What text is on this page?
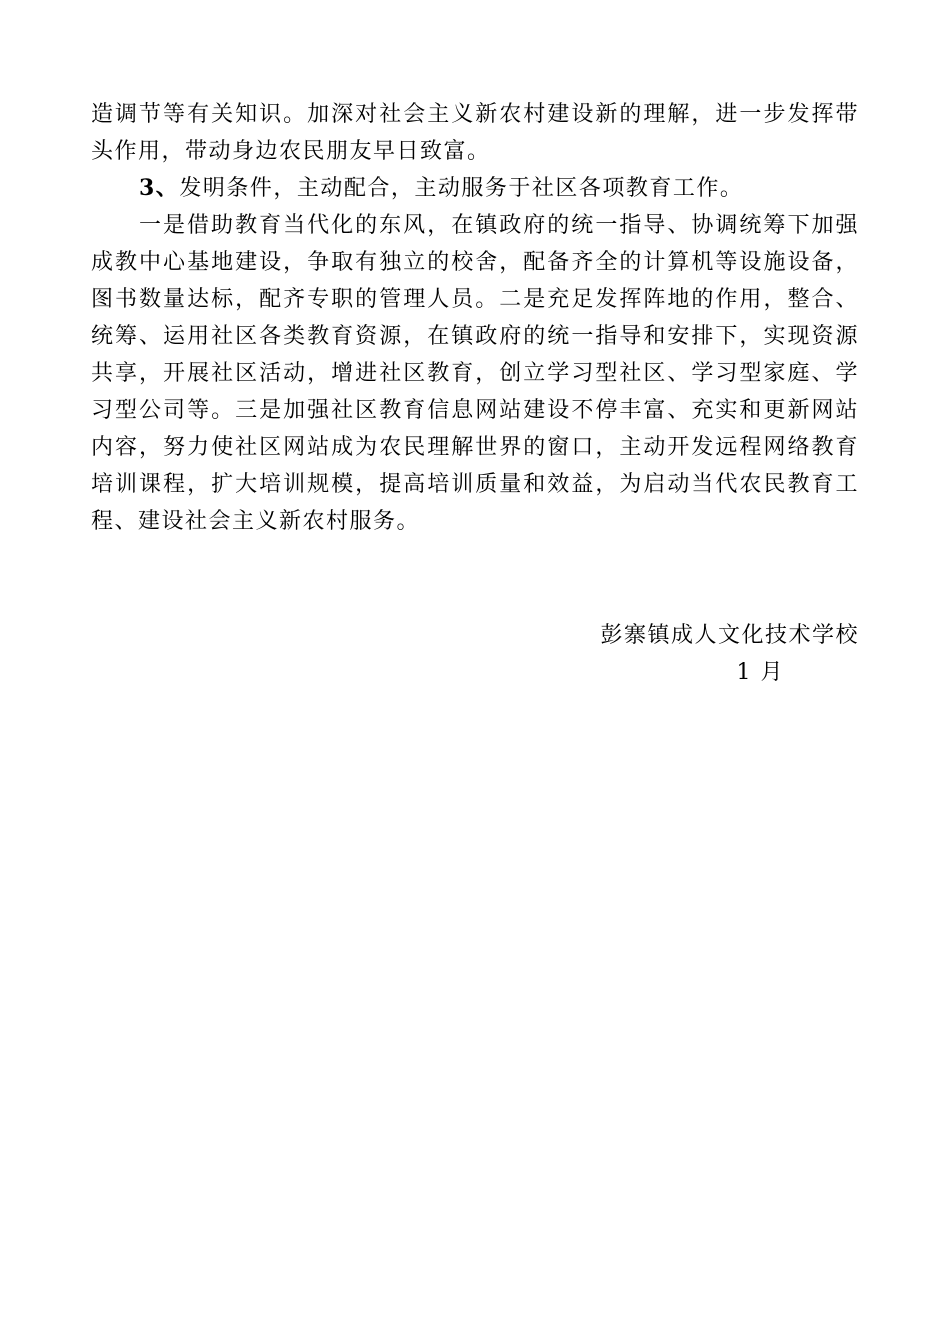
造调节等有关知识。加深对社会主义新农村建设新的理解，进一步发挥带头作用，带动身边农民朋友早日致富。

3、发明条件，主动配合，主动服务于社区各项教育工作。

一是借助教育当代化的东风，在镇政府的统一指导、协调统筹下加强成教中心基地建设，争取有独立的校舍，配备齐全的计算机等设施设备，图书数量达标，配齐专职的管理人员。二是充足发挥阵地的作用，整合、统筹、运用社区各类教育资源，在镇政府的统一指导和安排下，实现资源共享，开展社区活动，增进社区教育，创立学习型社区、学习型家庭、学习型公司等。三是加强社区教育信息网站建设不停丰富、充实和更新网站内容，努力使社区网站成为农民理解世界的窗口，主动开发远程网络教育培训课程，扩大培训规模，提高培训质量和效益，为启动当代农民教育工程、建设社会主义新农村服务。

彭寨镇成人文化技术学校
1 月
